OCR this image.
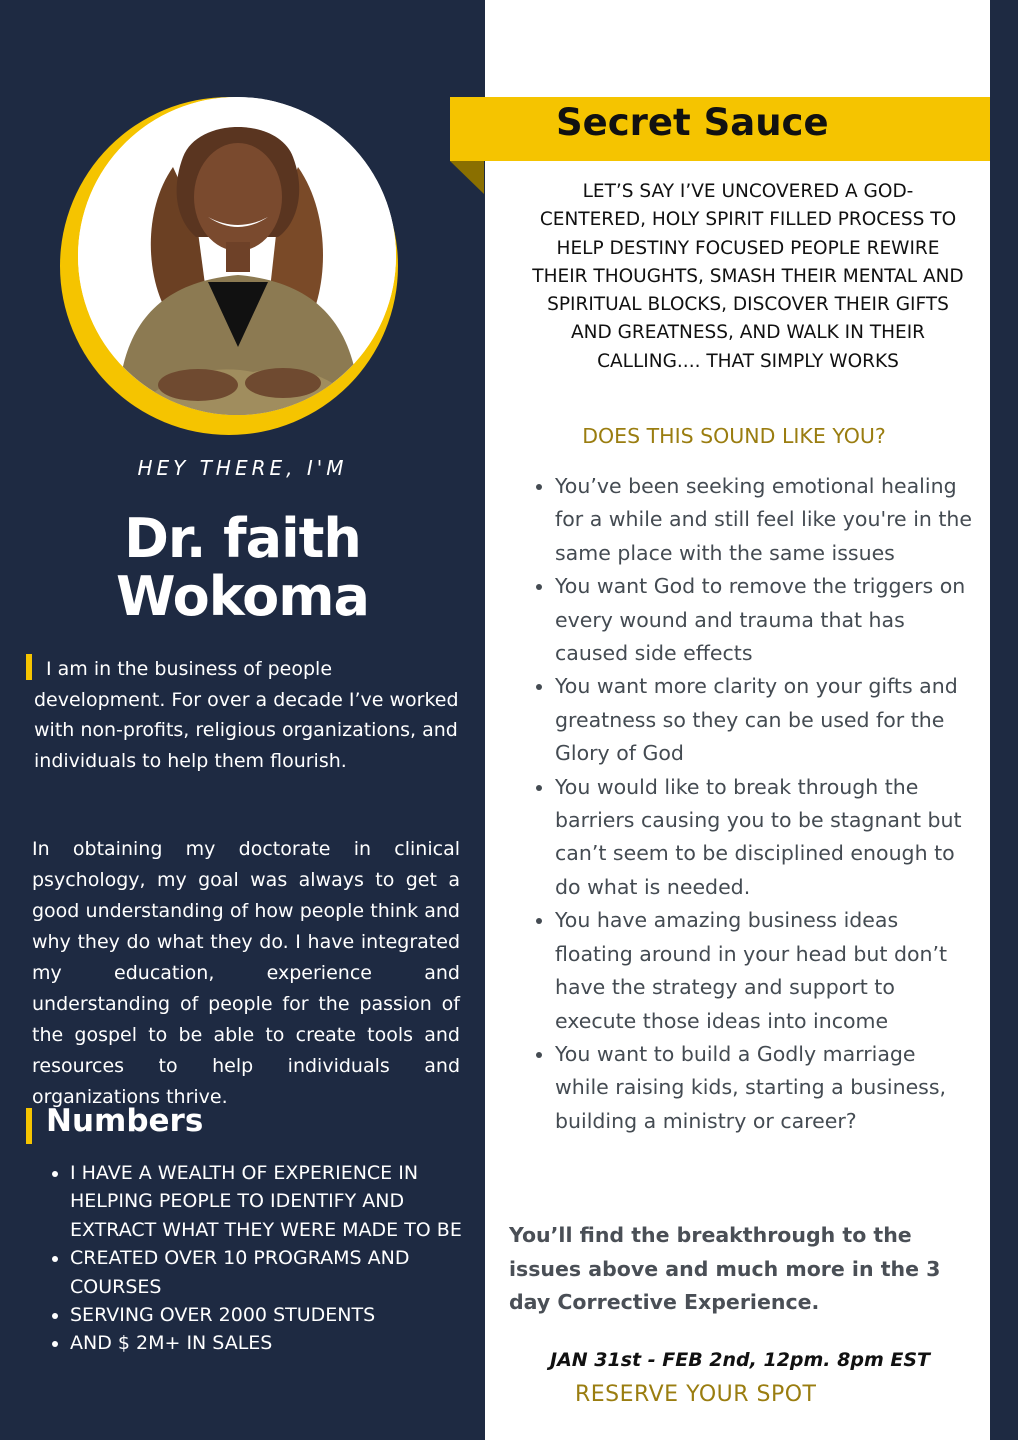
HEY THERE, I'M
Dr. faith
Wokoma
I am in the business of people
development. For over a decade I’ve worked with non-profits, religious organizations, and individuals to help them flourish.
In obtaining my doctorate in clinical psychology, my goal was always to get a good understanding of how people think and why they do what they do. I have integrated my education, experience and understanding of people for the passion of the gospel to be able to create tools and resources to help individuals and organizations thrive.
Numbers
• I HAVE A WEALTH OF EXPERIENCE IN HELPING PEOPLE TO IDENTIFY AND EXTRACT WHAT THEY WERE MADE TO BE
• CREATED OVER 10 PROGRAMS AND COURSES
• SERVING OVER 2000 STUDENTS
• AND $ 2M+ IN SALES
Secret Sauce
LET’S SAY I’VE UNCOVERED A GOD-CENTERED, HOLY SPIRIT FILLED PROCESS TO HELP DESTINY FOCUSED PEOPLE REWIRE THEIR THOUGHTS, SMASH THEIR MENTAL AND SPIRITUAL BLOCKS, DISCOVER THEIR GIFTS AND GREATNESS, AND WALK IN THEIR CALLING.... THAT SIMPLY WORKS
DOES THIS SOUND LIKE YOU?
• You’ve been seeking emotional healing for a while and still feel like you're in the same place with the same issues
• You want God to remove the triggers on every wound and trauma that has caused side effects
• You want more clarity on your gifts and greatness so they can be used for the Glory of God
• You would like to break through the barriers causing you to be stagnant but can’t seem to be disciplined enough to do what is needed.
• You have amazing business ideas floating around in your head but don’t have the strategy and support to execute those ideas into income
• You want to build a Godly marriage while raising kids, starting a business, building a ministry or career?
You’ll find the breakthrough to the issues above and much more in the 3 day Corrective Experience.
JAN 31st - FEB 2nd, 12pm. 8pm EST
RESERVE YOUR SPOT
